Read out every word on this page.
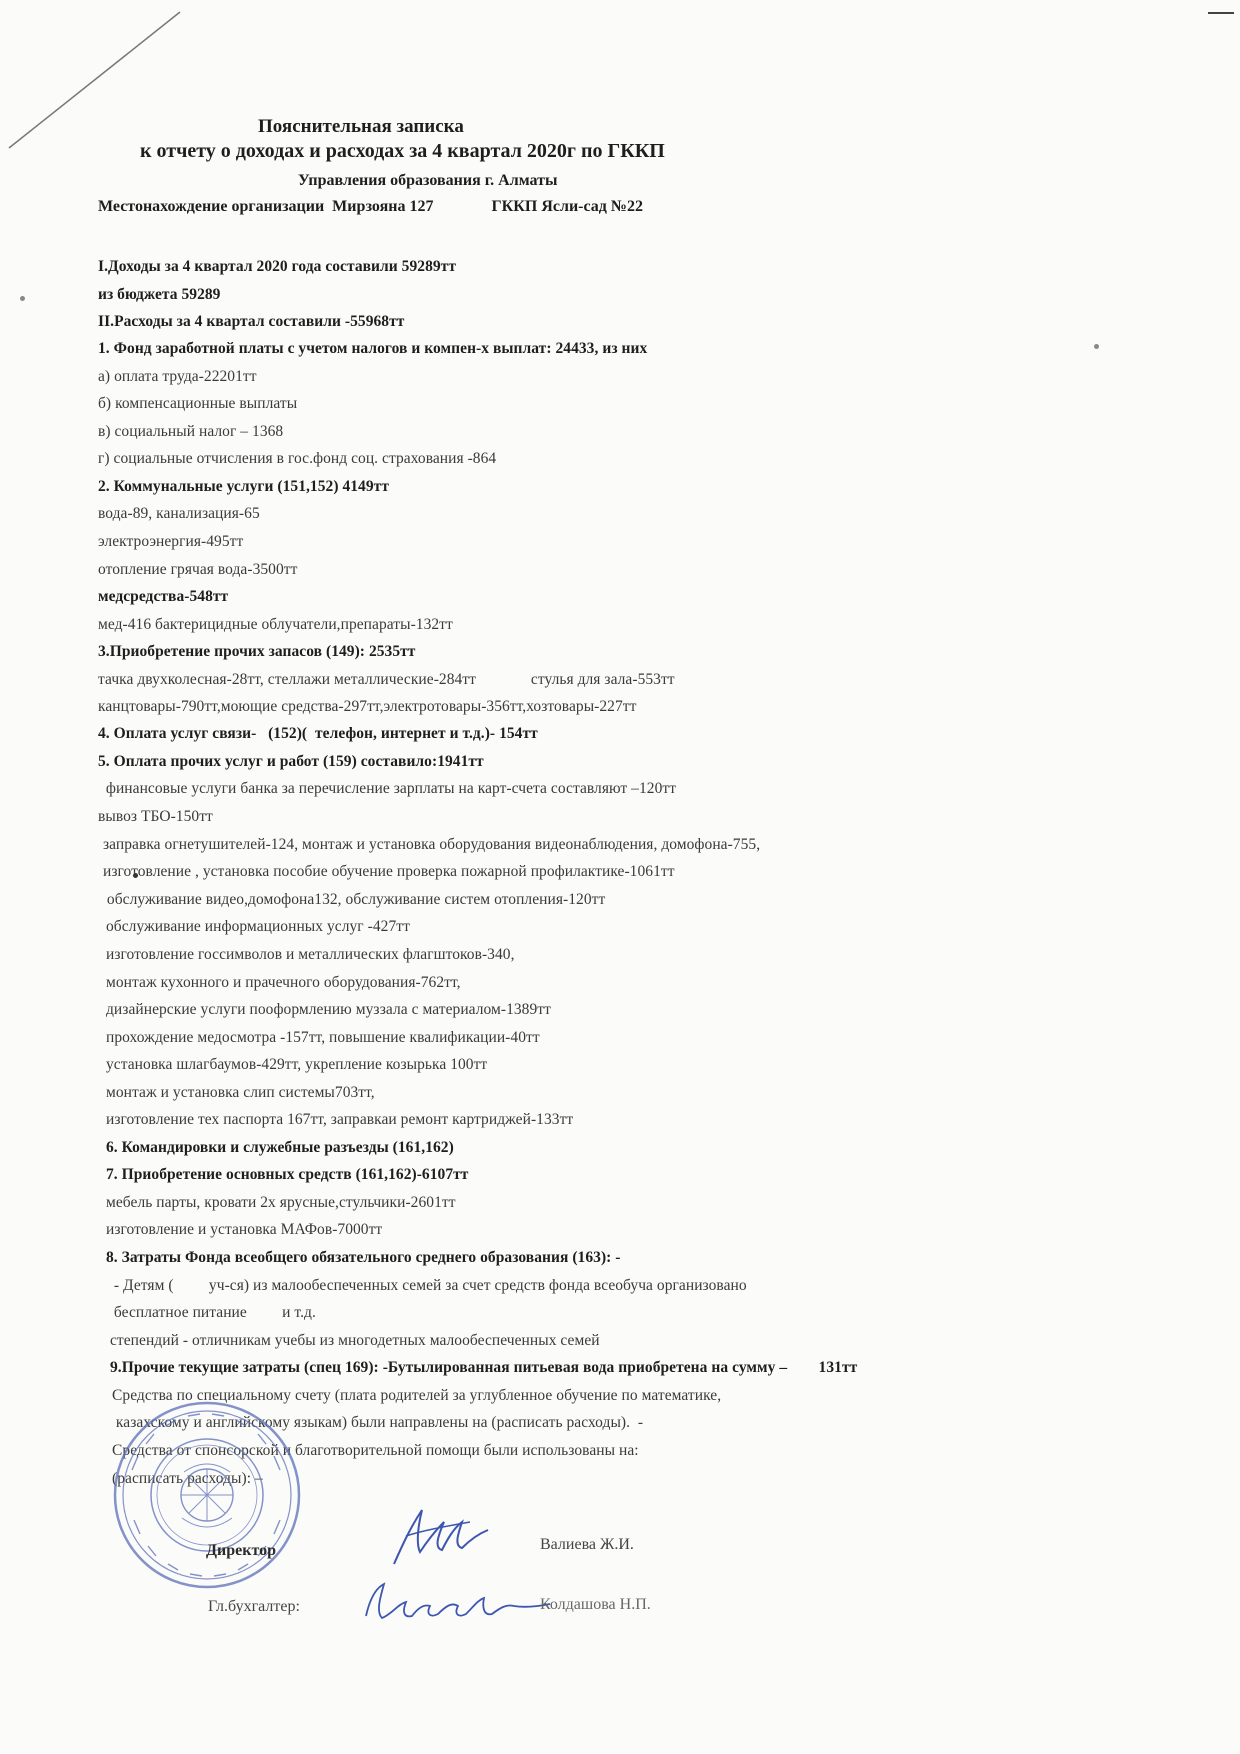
Пояснительная записка
к отчету о доходах и расходах за 4 квартал 2020г по ГККП
Управления образования г. Алматы
Местонахождение организации Мирзояна 127	ГККП Ясли-сад №22
I.Доходы за 4 квартал 2020 года составили 59289тт
из бюджета 59289
II.Расходы за 4 квартал составили -55968тт
1. Фонд заработной платы с учетом налогов и компен-х выплат: 24433, из них
а) оплата труда-22201тт
б) компенсационные выплаты
в) социальный налог – 1368
г) социальные отчисления в гос.фонд соц. страхования -864
2. Коммунальные услуги (151,152) 4149тт
вода-89, канализация-65
электроэнергия-495тт
отопление грячая вода-3500тт
медсредства-548тт
мед-416 бактерицидные облучатели,препараты-132тт
3.Приобретение прочих запасов (149): 2535тт
тачка двухколесная-28тт, стеллажи металлические-284тт              стулья для зала-553тт
канцтовары-790тт,моющие средства-297тт,электротовары-356тт,хозтовары-227тт
4. Оплата услуг связи-   (152)(  телефон, интернет и т.д.)- 154тт
5. Оплата прочих услуг и работ (159) составило:1941тт
финансовые услуги банка за перечисление зарплаты на карт-счета составляют –120тт
вывоз ТБО-150тт
заправка огнетушителей-124, монтаж и установка оборудования видеонаблюдения, домофона-755,
изготовление , установка пособие обучение проверка пожарной профилактике-1061тт
обслуживание видео,домофона132, обслуживание систем отопления-120тт
обслуживание информационных услуг -427тт
изготовление госсимволов и металлических флагштоков-340,
монтаж кухонного и прачечного оборудования-762тт,
дизайнерские услуги пооформлению муззала с материалом-1389тт
прохождение медосмотра -157тт, повышение квалификации-40тт
установка шлагбаумов-429тт, укрепление козырька 100тт
монтаж и установка слип системы703тт,
изготовление тех паспорта 167тт, заправкаи ремонт картриджей-133тт
6. Командировки и служебные разъезды (161,162)
7. Приобретение основных средств (161,162)-6107тт
мебель парты, кровати 2х ярусные,стульчики-2601тт
изготовление и установка МАФов-7000тт
8. Затраты Фонда всеобщего обязательного среднего образования (163): -
- Детям (         уч-ся) из малообеспеченных семей за счет средств фонда всеобуча организовано
бесплатное питание         и т.д.
степендий - отличникам учебы из многодетных малообеспеченных семей
9.Прочие текущие затраты (спец 169): -Бутылированная питьевая вода приобретена на сумму –        131тт
Средства по специальному счету (плата родителей за углубленное обучение по математике,
казахскому и английскому языкам) были направлены на (расписать расходы).  -
Средства от спонсорской и благотворительной помощи были использованы на:
(расписать расходы): –
Директор	Валиева Ж.И.
Гл.бухгалтер:	Колдашова Н.П.
